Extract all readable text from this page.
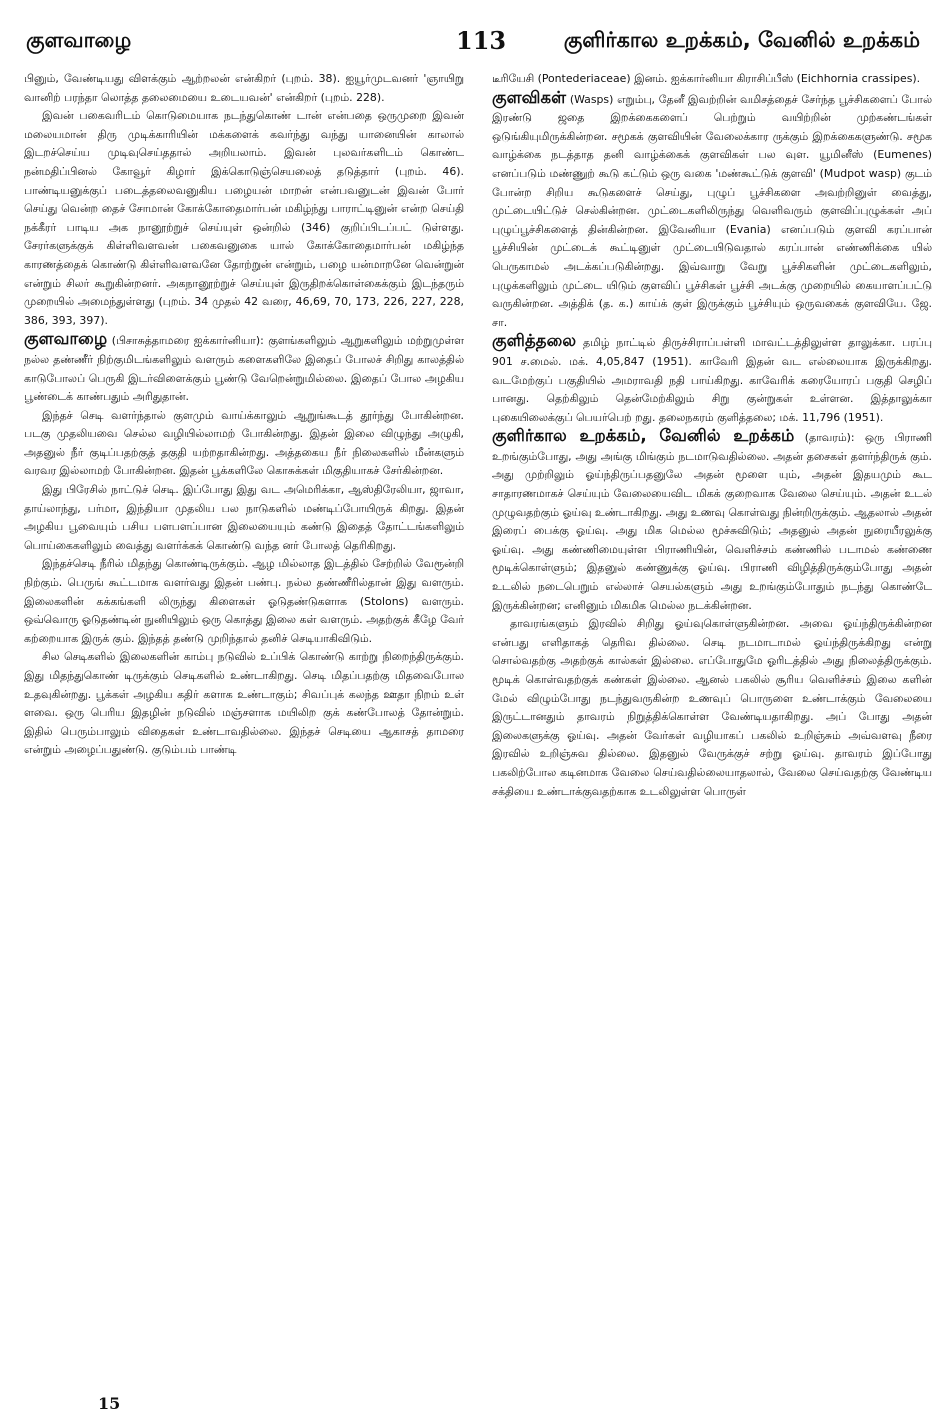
குளவாழை	113	குளிர்கால உறக்கம், வேனில் உறக்கம்

பினும், வேண்டியது விளக்கும் ஆற்றலன் என்கிறர் (புறம். 38). ஐயூர்முடவனர் 'ஞாயிறு வானிற் பரந்தா லொத்த தலைமையை உடையவன்' என்கிறர் (புறம். 228).

இவன் பகைவரிடம் கொடுமையாக நடந்துகொண் டான் என்பதை ஒருமுறை இவன் மலையமான் திரு முடிக்காரியின் மக்களைக் கவர்ந்து வந்து யானையின் காலால் இடறச்செய்ய முடிவுசெய்ததால் அறியலாம். இவன் புலவர்களிடம் கொண்ட நன்மதிப்பினல் கோவூர் கிழார் இக்கொடுஞ்செயலைத் தடுத்தார் (புறம். 46). பாண்டியனுக்குப் படைத்தலைவனுகிய பழையன் மாறன் என்பவனுடன் இவன் போர் செய்து வென்ற தைச் சோமான் கோக்கோதைமார்பன் மகிழ்ந்து பாராட்டினுன் என்ற செய்தி நக்கீரர் பாடிய அக நானூற்றுச் செய்யுள் ஒன்றில் (346) குறிப்பிடப்பட் டுள்ளது. சேரர்களுக்குக் கிள்ளிவளவன் பகைவனுகை யால் கோக்கோதைமார்பன் மகிழ்ந்த காரணத்தைக் கொண்டு கிள்ளிவளவனே தோற்றுன் என்றும், பழை யன்மாறனே வென்றுன் என்றும் சிலர் கூறுகின்றனர். அகநானூற்றுச் செய்யுள் இருதிறக்கொள்கைக்கும் இடந்தரும் முறையில் அமைந்துள்ளது (புறம். 34 முதல் 42 வரை, 46,69, 70, 173, 226, 227, 228, 386, 393, 397).

குளவாழை (பிசாசுத்தாமரை ஐக்கார்னியா): குளங்களிலும் ஆறுகளிலும் மற்றுமுள்ள நல்ல தண்ணீர் நிற்குமிடங்களிலும் வளரும் களைகளிலே இதைப் போலச் சிறிது காலத்தில் காடுபோலப் பெருகி இடர்விளைக்கும் பூண்டு வேறென்றுமில்லை. இதைப் போல அழகிய பூண்டைக் காண்பதும் அரிதுதான்.

இந்தச் செடி வளர்ந்தால் குளமும் வாய்க்காலும் ஆறுங்கூடத் தூர்ந்து போகின்றன. படகு முதலியவை செல்ல வழியில்லாமற் போகின்றது. இதன் இலை விழுந்து அழுகி, அதனுல் நீர் குடிப்பதற்குத் தகுதி யற்றதாகின்றது. அத்தகைய நீர் நிலைகளில் மீன்களும் வரவர இல்லாமற் போகின்றன. இதன் பூக்களிலே கொசுக்கள் மிகுதியாகச் சேர்கின்றன.

இது பிரேசில் நாட்டுச் செடி. இப்போது இது வட அமெரிக்கா, ஆஸ்திரேலியா, ஜாவா, தாய்லாந்து, பர்மா, இந்தியா முதலிய பல நாடுகளில் மண்டிப்போயிருக் கிறது. இதன் அழகிய பூவையும் பசிய பளபளப்பான இலையையும் கண்டு இதைத் தோட்டங்களிலும் பொய்கைகளிலும் வைத்து வளர்க்கக் கொண்டு வந்த னர் போலத் தெரிகிறது.

இந்தச்செடி நீரில் மிதந்து கொண்டிருக்கும். ஆழ மில்லாத இடத்தில் சேற்றில் வேரூன்றி நிற்கும். பெருங் கூட்டமாக வளர்வது இதன் பண்பு. நல்ல தண்ணீரில்தான் இது வளரும். இலைகளின் கக்கங்களி லிருந்து கிளைகள் ஓடுதண்டுகளாக (Stolons) வளரும். ஒவ்வொரு ஓடுதண்டின் நுனியிலும் ஒரு கொத்து இலை கள் வளரும். அதற்குக் கீழே வேர் கற்றையாக இருக் கும். இந்தத் தண்டு முறிந்தால் தனிச் செடியாகிவிடும்.

சில செடிகளில் இலைகளின் காம்பு நடுவில் உப்பிக் கொண்டு காற்று நிறைந்திருக்கும். இது மிதந்துகொண் டிருக்கும் செடிகளில் உண்டாகிறது. செடி மிதப்பதற்கு மிதவைபோல உதவுகின்றது. பூக்கள் அழகிய கதிர் களாக உண்டாகும்; சிவப்புக் கலந்த ஊதா நிறம் உள் ளவை. ஒரு பெரிய இதழின் நடுவில் மஞ்சளாக மயிலிற குக் கண்போலத் தோன்றும். இதில் பெரும்பாலும் விதைகள் உண்டாவதில்லை. இந்தச் செடியை ஆகாசத் தாமரை என்றும் அழைப்பதுண்டு. குடும்பம் பாண்டி

டீரியேசி (Pontederiaceae) இனம். ஐக்கார்னியா கிராசிப்பீஸ் (Eichhornia crassipes).

குளவிகள் (Wasps) எறும்பு, தேனீ இவற்றின் வமிசத்தைச் சேர்ந்த பூச்சிகளைப் போல் இரண்டு ஜதை இறக்கைகளைப் பெற்றும் வயிற்றின் முற்கண்டங்கள் ஒடுங்கியுமிருக்கின்றன. சமூகக் குளவியின் வேலைக்கார ருக்கும் இறக்கைகளுண்டு. சமூக வாழ்க்கை நடத்தாத தனி வாழ்க்கைக் குளவிகள் பல வுள. யூமினீஸ் (Eumenes) எனப்படும் மண்ணுற் கூடு கட்டும் ஒரு வகை 'மண்கூட்டுக் குளவி' (Mudpot wasp) குடம் போன்ற சிறிய கூடுகளைச் செய்து, புழுப் பூச்சிகளை அவற்றினுள் வைத்து, முட்டையிட்டுச் செல்கின்றன. முட்டைகளிலிருந்து வெளிவரும் குளவிப்புழுக்கள் அப் புழுப்பூச்சிகளைத் தின்கின்றன. இவேனியா (Evania) எனப்படும் குளவி கரப்பான் பூச்சியின் முட்டைக் கூட்டினுள் முட்டையிடுவதால் கரப்பான் எண்ணிக்கை யில் பெருகாமல் அடக்கப்படுகின்றது. இவ்வாறு வேறு பூச்சிகளின் முட்டைகளிலும், புழுக்களிலும் முட்டை யிடும் குளவிப் பூச்சிகள் பூச்சி அடக்கு முறையில் கையாளப்பட்டு வருகின்றன. அத்திக் (த. க.) காய்க் குள் இருக்கும் பூச்சியும் ஒருவகைக் குளவியே. ஜே. சா.

குளித்தலை தமிழ் நாட்டில் திருச்சிராப்பள்ளி மாவட்டத்திலுள்ள தாலுக்கா. பரப்பு 901 ச.மைல். மக். 4,05,847 (1951). காவேரி இதன் வட எல்லையாக இருக்கிறது. வடமேற்குப் பகுதியில் அமராவதி நதி பாய்கிறது. காவேரிக் கரையோரப் பகுதி செழிப் பானது. தெற்கிலும் தென்மேற்கிலும் சிறு குன்றுகள் உள்ளன. இத்தாலுக்கா புகையிலைக்குப் பெயர்பெற் றது. தலைநகரம் குளித்தலை; மக். 11,796 (1951).

குளிர்கால உறக்கம், வேனில் உறக்கம் (தாவரம்): ஒரு பிராணி உறங்கும்போது, அது அங்கு மிங்கும் நடமாடுவதில்லை. அதன் தசைகள் தளர்ந்திருக் கும். அது முற்றிலும் ஓய்ந்திருப்பதனுலே அதன் மூளை யும், அதன் இதயமும் கூட சாதாரணமாகச் செய்யும் வேலையைவிட மிகக் குறைவாக வேலை செய்யும். அதன் உடல் முழுவதற்கும் ஓய்வு உண்டாகிறது. அது உணவு கொள்வது நின்றிருக்கும். ஆதலால் அதன் இரைப் பைக்கு ஓய்வு. அது மிக மெல்ல மூச்சுவிடும்; அதனுல் அதன் நுரையீரலுக்கு ஓய்வு. அது கண்ணிமையுள்ள பிராணியின், வெளிச்சம் கண்ணில் படாமல் கண்ணை மூடிக்கொள்ளும்; இதனுல் கண்ணுக்கு ஓய்வு. பிராணி விழித்திருக்கும்போது அதன் உடலில் நடைபெறும் எல்லாச் செயல்களும் அது உறங்கும்போதும் நடந்து கொண்டே இருக்கின்றன; எனினும் மிகமிக மெல்ல நடக்கின்றன.

தாவரங்களும் இரவில் சிறிது ஓய்வுகொள்ளுகின்றன. அவை ஓய்ந்திருக்கின்றன என்பது எளிதாகத் தெரிவ தில்லை. செடி நடமாடாமல் ஓய்ந்திருக்கிறது என்று சொல்வதற்கு அதற்குக் கால்கள் இல்லை. எப்போதுமே ஓரிடத்தில் அது நிலைத்திருக்கும். மூடிக் கொள்வதற்குக் கண்கள் இல்லை. ஆனல் பகலில் சூரிய வெளிச்சம் இலை களின் மேல் விழும்போது நடந்துவருகின்ற உணவுப் பொருளை உண்டாக்கும் வேலையை இருட்டானதும் தாவரம் நிறுத்திக்கொள்ள வேண்டியதாகிறது. அப் போது அதன் இலைகளுக்கு ஓய்வு. அதன் வேர்கள் வழியாகப் பகலில் உறிஞ்சும் அவ்வளவு நீரை இரவில் உறிஞ்சுவ தில்லை. இதனுல் வேருக்குச் சற்று ஓய்வு. தாவரம் இப்போது பகலிற்போல கடினமாக வேலை செய்வதில்லையாதலால், வேலை செய்வதற்கு வேண்டிய சக்தியை உண்டாக்குவதற்காக உடலிலுள்ள பொருள்

15
